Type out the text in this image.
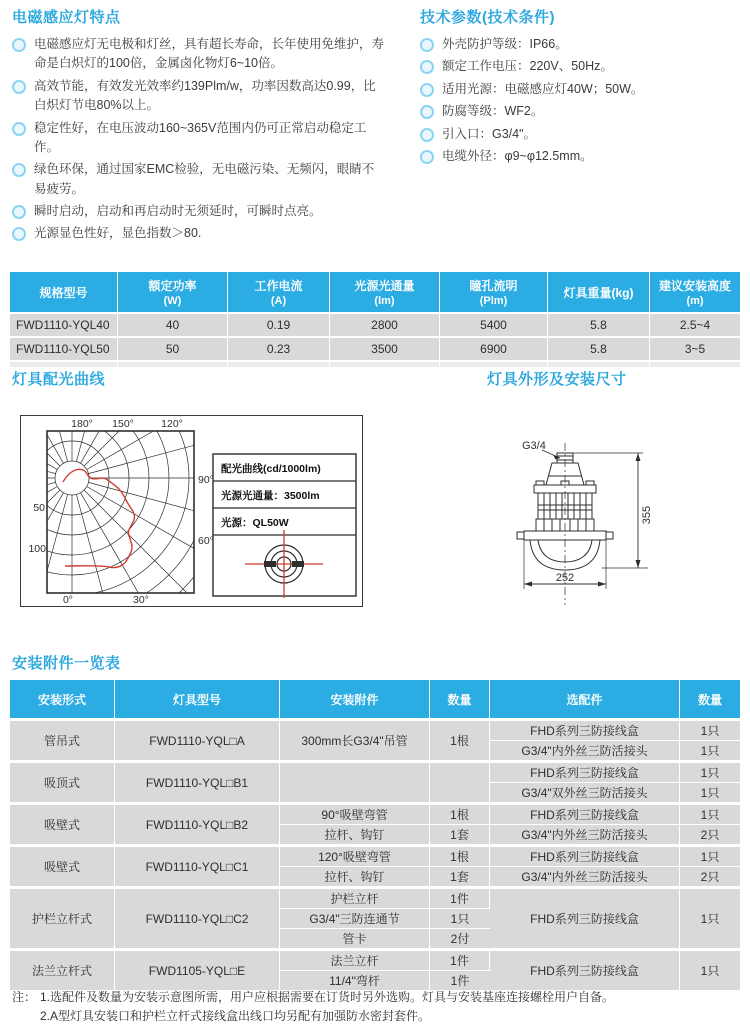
电磁感应灯特点
电磁感应灯无电极和灯丝，具有超长寿命，长年使用免维护，寿命是白炽灯的100倍，金属卤化物灯6~10倍。
高效节能，有效发光效率约139Plm/w，功率因数高达0.99，比白炽灯节电80%以上。
稳定性好，在电压波动160~365V范围内仍可正常启动稳定工作。
绿色环保，通过国家EMC检验，无电磁污染、无频闪，眼睛不易疲劳。
瞬时启动，启动和再启动时无须延时，可瞬时点亮。
光源显色性好，显色指数＞80.
技术参数(技术条件)
外壳防护等级：IP66。
额定工作电压：220V、50Hz。
适用光源：电磁感应灯40W；50W。
防腐等级：WF2。
引入口：G3/4"。
电缆外径：φ9~φ12.5mm。
规格型号	额定功率
(W)	工作电流
(A)	光源光通量
(lm)	瞳孔流明
(Plm)	灯具重量(kg)	建议安装高度
(m)

FWD1110-YQL40	40	0.19	2800	5400	5.8	2.5~4
FWD1110-YQL50	50	0.23	3500	6900	5.8	3~5

灯具配光曲线	灯具外形及安装尺寸
180° 150°	120°
90°
60°
30°
0°
50
100
配光曲线(cd/1000lm)
光源光通量：3500lm
光源：QL50W
G3/4
355
252
安装附件一览表
安装形式	灯具型号	安装附件	数量	选配件	数量
管吊式	FWD1110-YQL□A	300mm长G3/4"吊管	1根	FHD系列三防接线盒	1只
				G3/4"内外丝三防活接头	1只
吸顶式	FWD1110-YQL□B1			FHD系列三防接线盒	1只
				G3/4"双外丝三防活接头	1只
吸壁式	FWD1110-YQL□B2	90°吸壁弯管	1根	FHD系列三防接线盒	1只
		拉杆、钩钉	1套	G3/4"内外丝三防活接头	2只
吸壁式	FWD1110-YQL□C1	120°吸壁弯管	1根	FHD系列三防接线盒	1只
		拉杆、钩钉	1套	G3/4"内外丝三防活接头	2只
护栏立杆式	FWD1110-YQL□C2	护栏立杆	1件	FHD系列三防接线盒	1只
		G3/4"三防连通节	1只		
		管卡	2付		
法兰立杆式	FWD1105-YQL□E	法兰立杆	1件	FHD系列三防接线盒	1只
		11/4"弯杆	1件		
注： 1.选配件及数量为安装示意图所需，用户应根据需要在订货时另外选购。灯具与安装基座连接螺栓用户自备。
2.A型灯具安装口和护栏立杆式接线盒出线口均另配有加强防水密封套件。
